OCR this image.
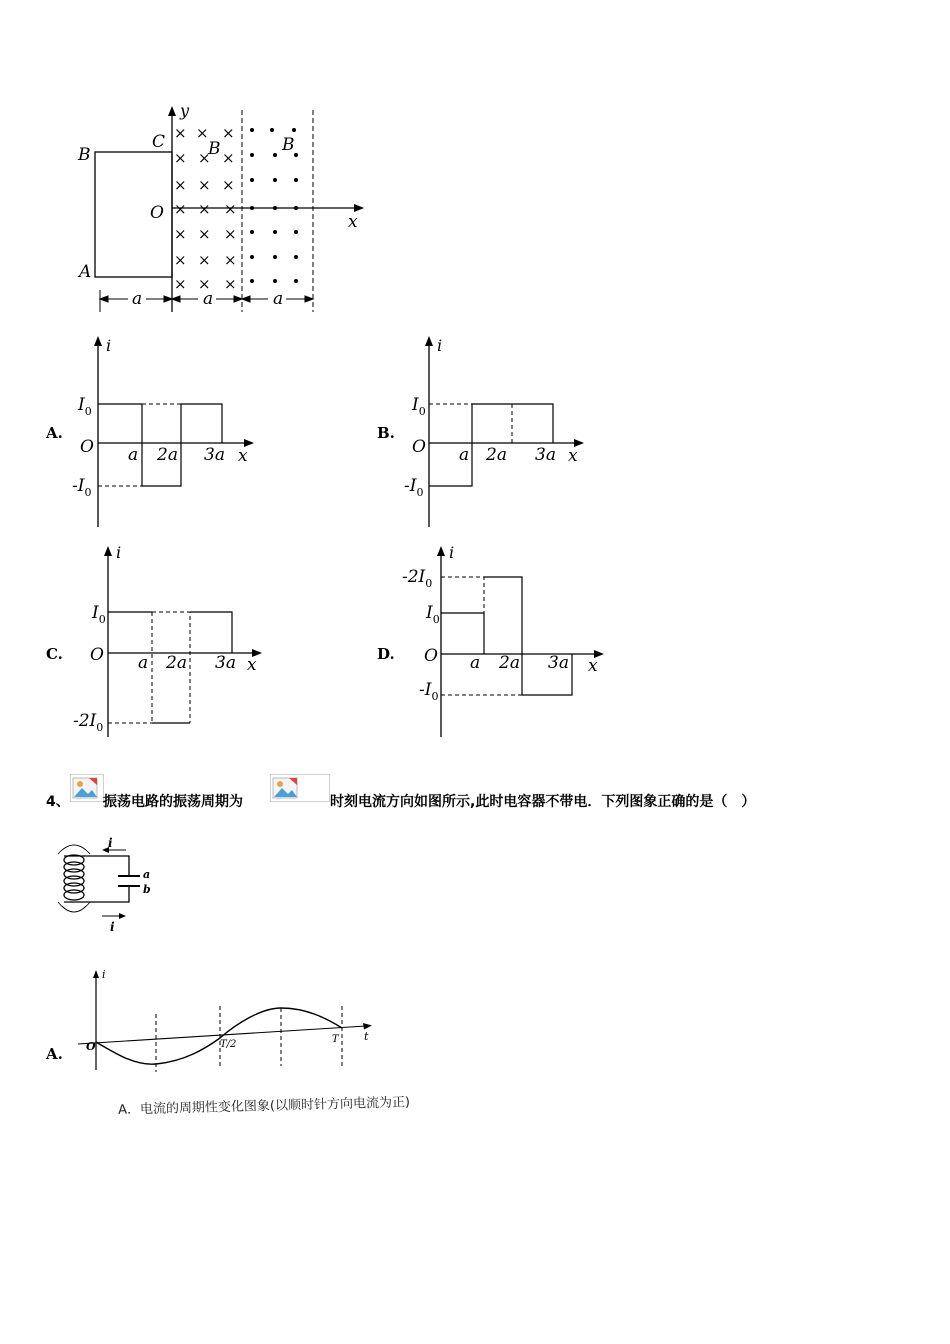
B
C
A
y
x
O
× × ×
× × ×
× × ×
× × ×
× × ×
× × ×
× × ×
B	B
a	a	a
A.
i
x
O
$I_0$
$-I_0$
a 2a 3a
B.
i
x
O
$I_0$
$-I_0$
a 2a 3a
C.
i
x
O
$I_0$
$-2I_0$
a 2a 3a	D.
i
x
O
$-2I_0$
$I_0$
$-I_0$
a 2a 3a
4、 振荡电路的振荡周期为	时刻电流方向如图所示,此时电容器不带电．下列图象正确的是（　）
a
b
i
i
A.
i
t
O	T/2	T
A．电流的周期性变化图象(以顺时针方向电流为正)
